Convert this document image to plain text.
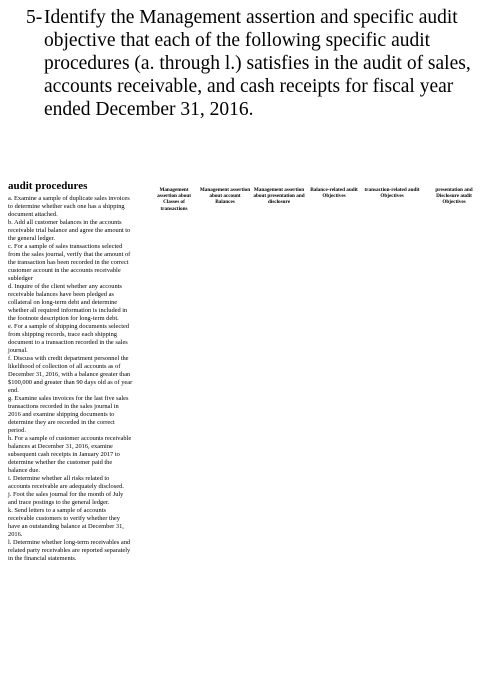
5- Identify the Management assertion and specific audit objective that each of the following specific audit procedures (a. through l.) satisfies in the audit of sales, accounts receivable, and cash receipts for fiscal year ended December 31, 2016.
audit procedures	Management assertion about Classes of transactions
Management assertion about account Balances
Management assertion about presentation and disclosure
Balance-related audit Objectives
transaction-related audit Objectives
presentation and Disclosure audit Objectives

a. Examine a sample of duplicate sales invoices to determine whether each one has a shipping document attached.

b. Add all customer balances in the accounts receivable trial balance and agree the amount to the general ledger.

c. For a sample of sales transactions selected from the sales journal, verify that the amount of the transaction has been recorded in the correct customer account in the accounts receivable subledger

d. Inquire of the client whether any accounts receivable balances have been pledged as collateral on long-term debt and determine whether all required information is included in the footnote description for long-term debt.

e. For a sample of shipping documents selected from shipping records, trace each shipping document to a transaction recorded in the sales journal.

f. Discuss with credit department personnel the likelihood of collection of all accounts as of December 31, 2016, with a balance greater than $100,000 and greater than 90 days old as of year end.

g. Examine sales invoices for the last five sales transactions recorded in the sales journal in 2016 and examine shipping documents to determine they are recorded in the correct period.

h. For a sample of customer accounts receivable balances at December 31, 2016, examine subsequent cash receipts in January 2017 to determine whether the customer paid the balance due.

i. Determine whether all risks related to accounts receivable are adequately disclosed.

j. Foot the sales journal for the month of July and trace postings to the general ledger.

k. Send letters to a sample of accounts receivable customers to verify whether they have an outstanding balance at December 31, 2016.

l. Determine whether long-term receivables and related party receivables are reported separately in the financial statements.
